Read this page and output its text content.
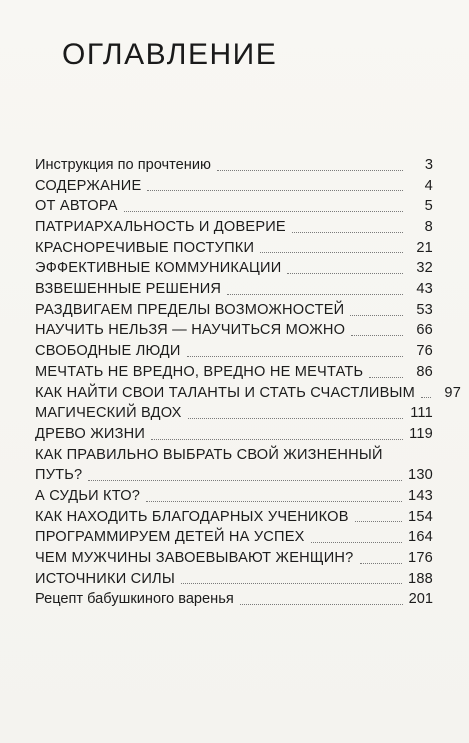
ОГЛАВЛЕНИЕ
Инструкция по прочтению	3
СОДЕРЖАНИЕ	4
ОТ АВТОРА	5
ПАТРИАРХАЛЬНОСТЬ И ДОВЕРИЕ	8
КРАСНОРЕЧИВЫЕ ПОСТУПКИ	21
ЭФФЕКТИВНЫЕ КОММУНИКАЦИИ	32
ВЗВЕШЕННЫЕ РЕШЕНИЯ	43
РАЗДВИГАЕМ ПРЕДЕЛЫ ВОЗМОЖНОСТЕЙ	53
НАУЧИТЬ НЕЛЬЗЯ — НАУЧИТЬСЯ МОЖНО	66
СВОБОДНЫЕ ЛЮДИ	76
МЕЧТАТЬ НЕ ВРЕДНО, ВРЕДНО НЕ МЕЧТАТЬ	86
КАК НАЙТИ СВОИ ТАЛАНТЫ И СТАТЬ СЧАСТЛИВЫМ	97
МАГИЧЕСКИЙ ВДОХ	111
ДРЕВО ЖИЗНИ	119
КАК ПРАВИЛЬНО ВЫБРАТЬ СВОЙ ЖИЗНЕННЫЙ
ПУТЬ?	130
А СУДЬИ КТО?	143
КАК НАХОДИТЬ БЛАГОДАРНЫХ УЧЕНИКОВ	154
ПРОГРАММИРУЕМ ДЕТЕЙ НА УСПЕХ	164
ЧЕМ МУЖЧИНЫ ЗАВОЕВЫВАЮТ ЖЕНЩИН?	176
ИСТОЧНИКИ СИЛЫ	188
Рецепт бабушкиного варенья	201
